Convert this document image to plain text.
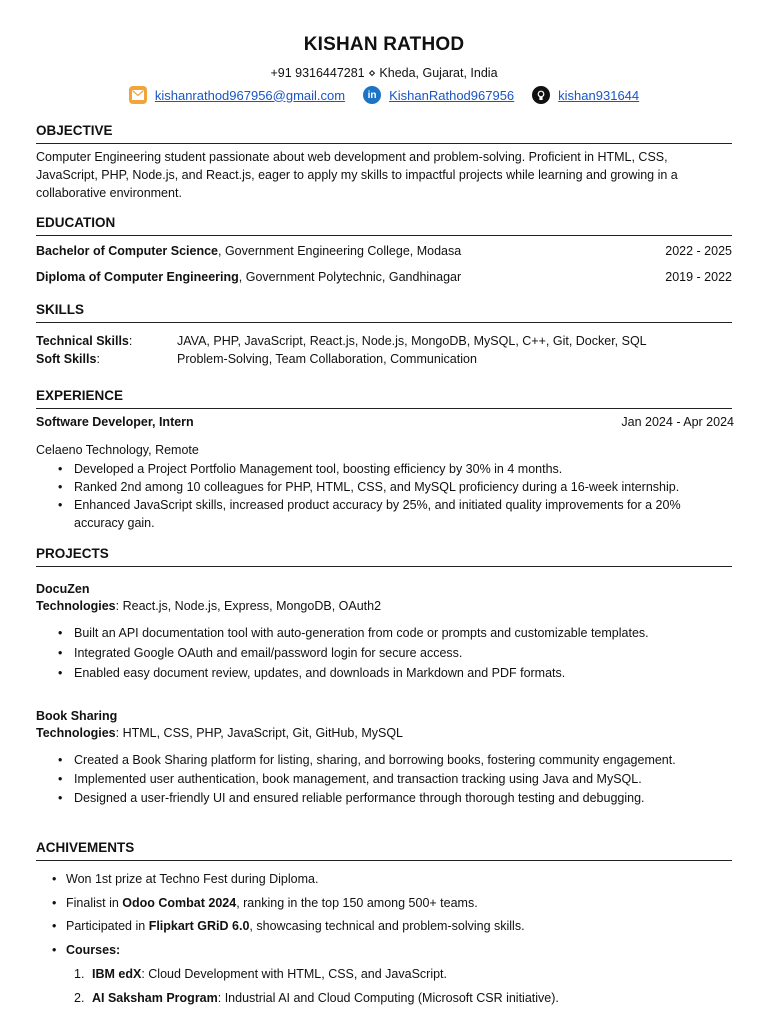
KISHAN RATHOD
+91 9316447281 ⋄ Kheda, Gujarat, India
kishanrathod967956@gmail.com	in KishanRathod967956	kishan931644
OBJECTIVE
Computer Engineering student passionate about web development and problem-solving. Proficient in HTML, CSS,
JavaScript, PHP, Node.js, and React.js, eager to apply my skills to impactful projects while learning and growing in a
collaborative environment.
EDUCATION
Bachelor of Computer Science, Government Engineering College, Modasa	2022 - 2025
Diploma of Computer Engineering, Government Polytechnic, Gandhinagar	2019 - 2022
SKILLS
Technical Skills:	JAVA, PHP, JavaScript, React.js, Node.js, MongoDB, MySQL, C++, Git, Docker, SQL
Soft Skills:	Problem-Solving, Team Collaboration, Communication
EXPERIENCE
Software Developer, Intern	Jan 2024 - Apr 2024
Celaeno Technology, Remote
• Developed a Project Portfolio Management tool, boosting efficiency by 30% in 4 months.
• Ranked 2nd among 10 colleagues for PHP, HTML, CSS, and MySQL proficiency during a 16-week internship.
• Enhanced JavaScript skills, increased product accuracy by 25%, and initiated quality improvements for a 20%
accuracy gain.
PROJECTS
DocuZen
Technologies: React.js, Node.js, Express, MongoDB, OAuth2
• Built an API documentation tool with auto-generation from code or prompts and customizable templates.
• Integrated Google OAuth and email/password login for secure access.
• Enabled easy document review, updates, and downloads in Markdown and PDF formats.
Book Sharing
Technologies: HTML, CSS, PHP, JavaScript, Git, GitHub, MySQL
• Created a Book Sharing platform for listing, sharing, and borrowing books, fostering community engagement.
• Implemented user authentication, book management, and transaction tracking using Java and MySQL.
• Designed a user-friendly UI and ensured reliable performance through thorough testing and debugging.
ACHIVEMENTS
• Won 1st prize at Techno Fest during Diploma.
• Finalist in Odoo Combat 2024, ranking in the top 150 among 500+ teams.
• Participated in Flipkart GRiD 6.0, showcasing technical and problem-solving skills.
• Courses:
1. IBM edX: Cloud Development with HTML, CSS, and JavaScript.
2. AI Saksham Program: Industrial AI and Cloud Computing (Microsoft CSR initiative).
